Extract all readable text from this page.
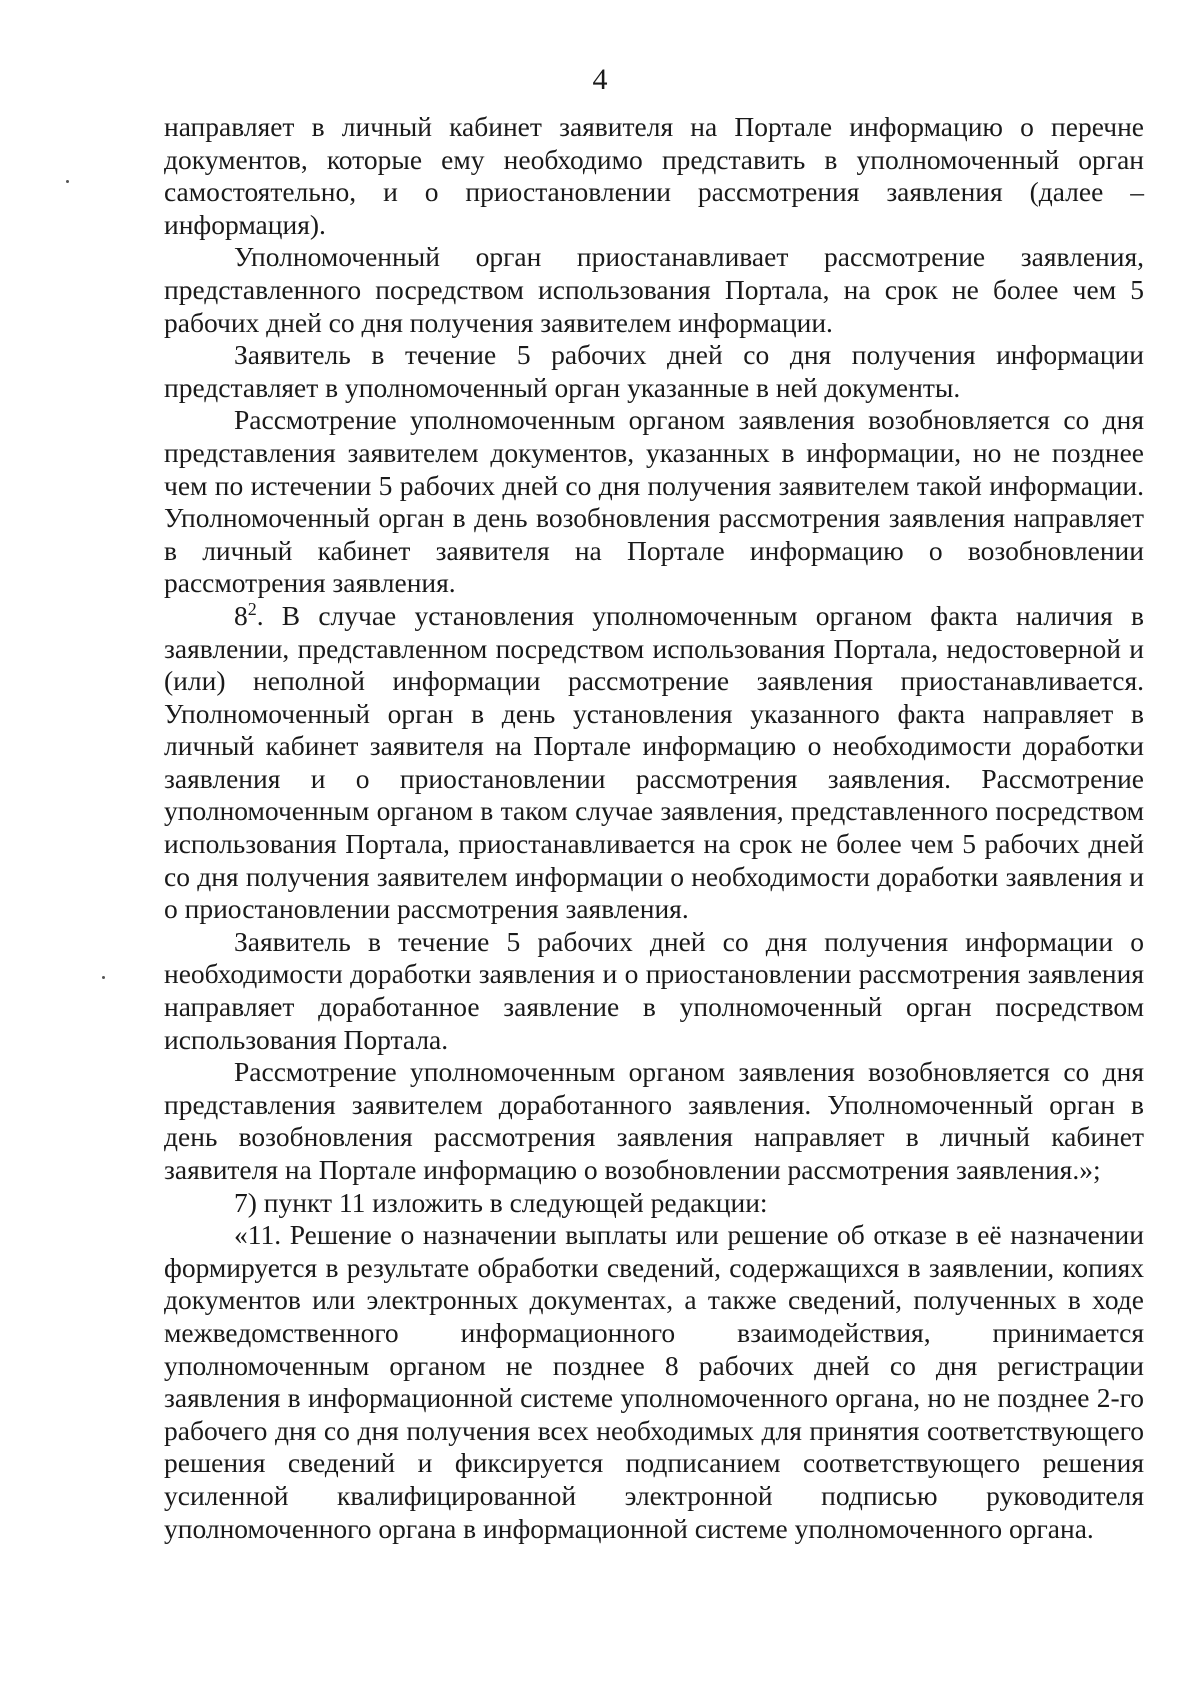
4

направляет в личный кабинет заявителя на Портале информацию о перечне документов, которые ему необходимо представить в уполномоченный орган самостоятельно, и о приостановлении рассмотрения заявления (далее – информация).

Уполномоченный орган приостанавливает рассмотрение заявления, представленного посредством использования Портала, на срок не более чем 5 рабочих дней со дня получения заявителем информации.

Заявитель в течение 5 рабочих дней со дня получения информации представляет в уполномоченный орган указанные в ней документы.

Рассмотрение уполномоченным органом заявления возобновляется со дня представления заявителем документов, указанных в информации, но не позднее чем по истечении 5 рабочих дней со дня получения заявителем такой информации. Уполномоченный орган в день возобновления рассмотрения заявления направляет в личный кабинет заявителя на Портале информацию о возобновлении рассмотрения заявления.

$8^2$. В случае установления уполномоченным органом факта наличия в заявлении, представленном посредством использования Портала, недостоверной и (или) неполной информации рассмотрение заявления приостанавливается. Уполномоченный орган в день установления указанного факта направляет в личный кабинет заявителя на Портале информацию о необходимости доработки заявления и о приостановлении рассмотрения заявления. Рассмотрение уполномоченным органом в таком случае заявления, представленного посредством использования Портала, приостанавливается на срок не более чем 5 рабочих дней со дня получения заявителем информации о необходимости доработки заявления и о приостановлении рассмотрения заявления.

Заявитель в течение 5 рабочих дней со дня получения информации о необходимости доработки заявления и о приостановлении рассмотрения заявления направляет доработанное заявление в уполномоченный орган посредством использования Портала.

Рассмотрение уполномоченным органом заявления возобновляется со дня представления заявителем доработанного заявления. Уполномоченный орган в день возобновления рассмотрения заявления направляет в личный кабинет заявителя на Портале информацию о возобновлении рассмотрения заявления.»;

7) пункт 11 изложить в следующей редакции:

«11. Решение о назначении выплаты или решение об отказе в её назначении формируется в результате обработки сведений, содержащихся в заявлении, копиях документов или электронных документах, а также сведений, полученных в ходе межведомственного информационного взаимодействия, принимается уполномоченным органом не позднее 8 рабочих дней со дня регистрации заявления в информационной системе уполномоченного органа, но не позднее 2-го рабочего дня со дня получения всех необходимых для принятия соответствующего решения сведений и фиксируется подписанием соответствующего решения усиленной квалифицированной электронной подписью руководителя уполномоченного органа в информационной системе уполномоченного органа.
